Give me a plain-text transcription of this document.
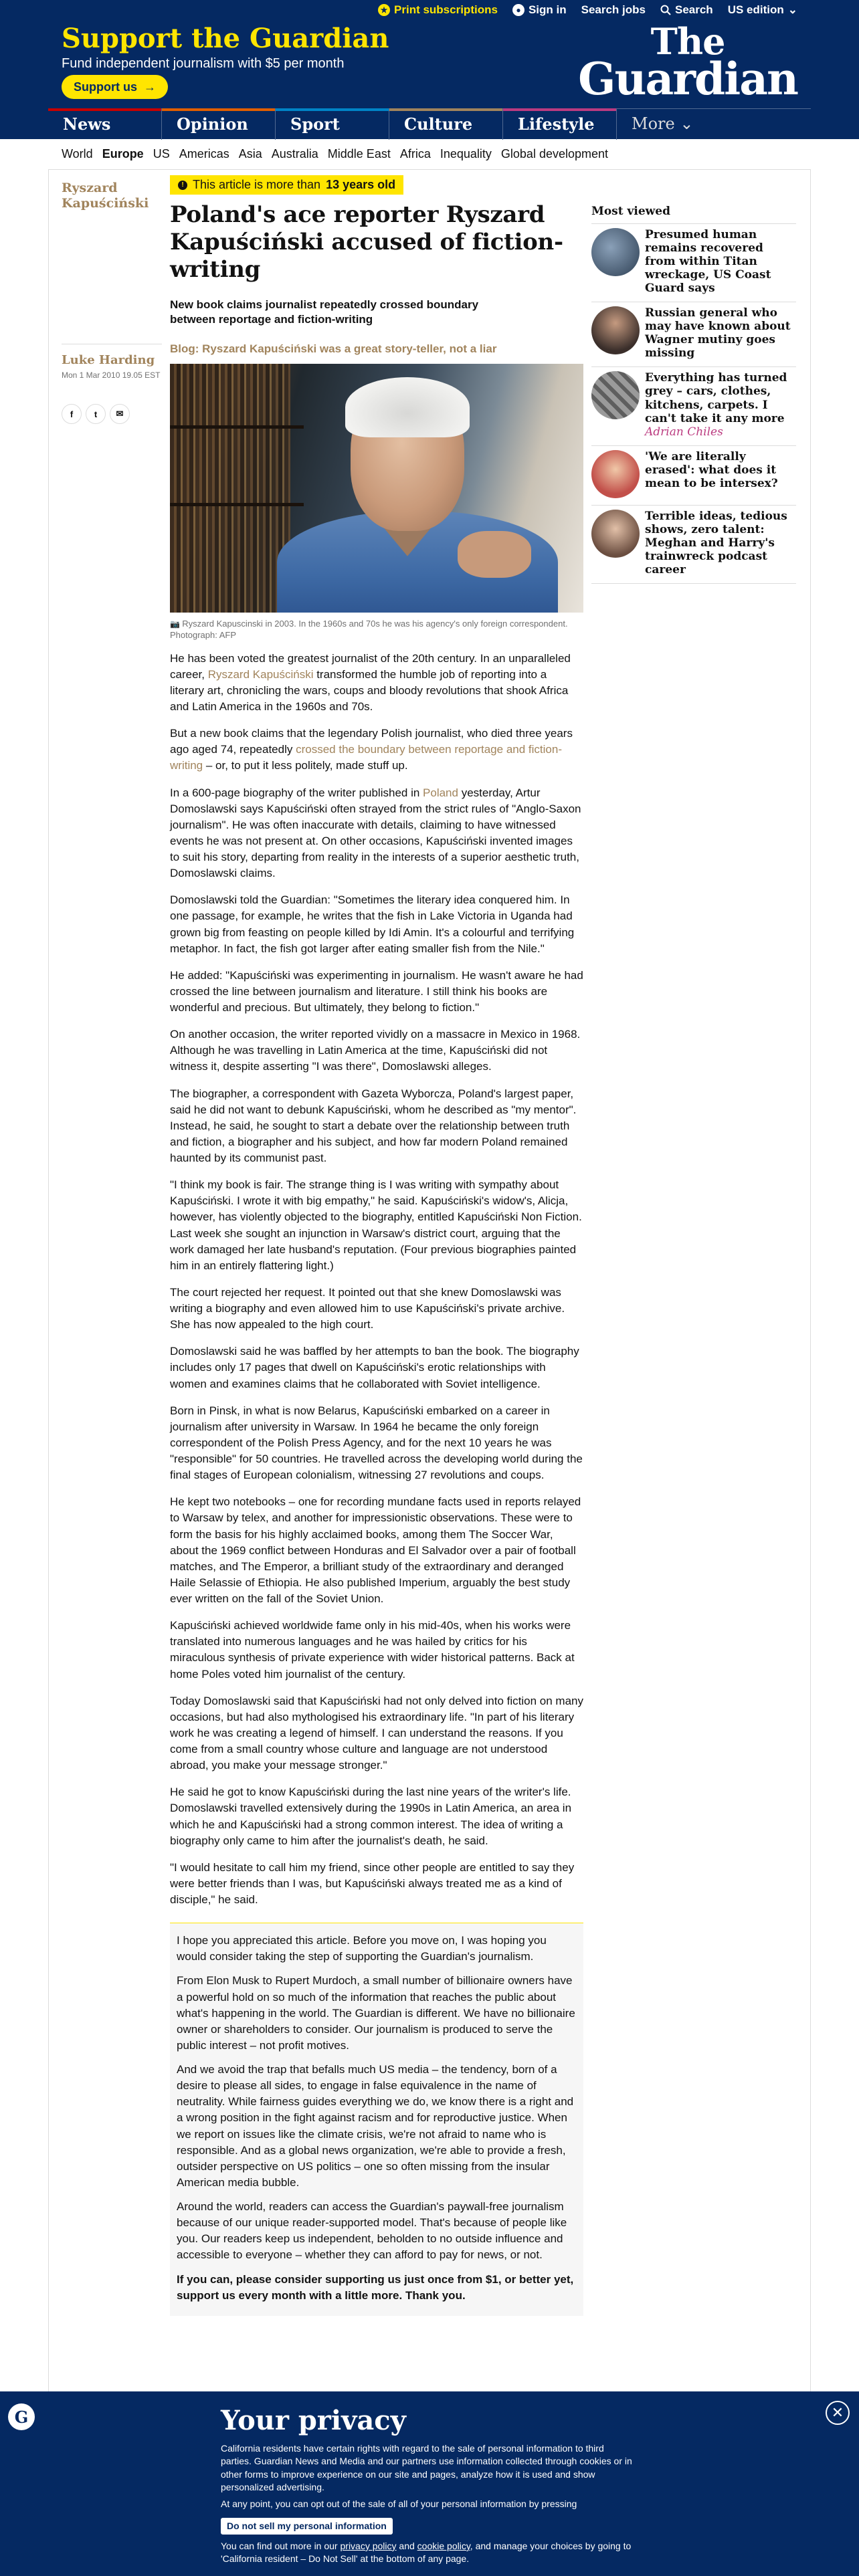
★ Print subscriptions	● Sign in Search jobs	Search US edition ⌄
Support the Guardian
Fund independent journalism with $5 per month
Support us →
The
Guardian
News	Opinion	Sport	Culture	Lifestyle	More ⌄
World Europe US Americas Asia Australia Middle East Africa Inequality Global development
Ryszard Kapuściński
Luke Harding
Mon 1 Mar 2010 19.05 EST
f t ✉
! This article is more than 13 years old
Poland's ace reporter Ryszard Kapuściński accused of fiction-writing
New book claims journalist repeatedly crossed boundary between reportage and fiction-writing
Blog: Ryszard Kapuściński was a great story-teller, not a liar
📷 Ryszard Kapuscinski in 2003. In the 1960s and 70s he was his agency's only foreign correspondent. Photograph: AFP

He has been voted the greatest journalist of the 20th century. In an unparalleled career, Ryszard Kapuściński transformed the humble job of reporting into a literary art, chronicling the wars, coups and bloody revolutions that shook Africa and Latin America in the 1960s and 70s.

But a new book claims that the legendary Polish journalist, who died three years ago aged 74, repeatedly crossed the boundary between reportage and fiction-writing – or, to put it less politely, made stuff up.

In a 600-page biography of the writer published in Poland yesterday, Artur Domoslawski says Kapuściński often strayed from the strict rules of "Anglo-Saxon journalism". He was often inaccurate with details, claiming to have witnessed events he was not present at. On other occasions, Kapuściński invented images to suit his story, departing from reality in the interests of a superior aesthetic truth, Domoslawski claims.

Domoslawski told the Guardian: "Sometimes the literary idea conquered him. In one passage, for example, he writes that the fish in Lake Victoria in Uganda had grown big from feasting on people killed by Idi Amin. It's a colourful and terrifying metaphor. In fact, the fish got larger after eating smaller fish from the Nile."

He added: "Kapuściński was experimenting in journalism. He wasn't aware he had crossed the line between journalism and literature. I still think his books are wonderful and precious. But ultimately, they belong to fiction."

On another occasion, the writer reported vividly on a massacre in Mexico in 1968. Although he was travelling in Latin America at the time, Kapuściński did not witness it, despite asserting "I was there", Domoslawski alleges.

The biographer, a correspondent with Gazeta Wyborcza, Poland's largest paper, said he did not want to debunk Kapuściński, whom he described as "my mentor". Instead, he said, he sought to start a debate over the relationship between truth and fiction, a biographer and his subject, and how far modern Poland remained haunted by its communist past.

"I think my book is fair. The strange thing is I was writing with sympathy about Kapuściński. I wrote it with big empathy," he said. Kapuściński's widow's, Alicja, however, has violently objected to the biography, entitled Kapuściński Non Fiction. Last week she sought an injunction in Warsaw's district court, arguing that the work damaged her late husband's reputation. (Four previous biographies painted him in an entirely flattering light.)

The court rejected her request. It pointed out that she knew Domoslawski was writing a biography and even allowed him to use Kapuściński's private archive. She has now appealed to the high court.

Domoslawski said he was baffled by her attempts to ban the book. The biography includes only 17 pages that dwell on Kapuściński's erotic relationships with women and examines claims that he collaborated with Soviet intelligence.

Born in Pinsk, in what is now Belarus, Kapuściński embarked on a career in journalism after university in Warsaw. In 1964 he became the only foreign correspondent of the Polish Press Agency, and for the next 10 years he was "responsible" for 50 countries. He travelled across the developing world during the final stages of European colonialism, witnessing 27 revolutions and coups.

He kept two notebooks – one for recording mundane facts used in reports relayed to Warsaw by telex, and another for impressionistic observations. These were to form the basis for his highly acclaimed books, among them The Soccer War, about the 1969 conflict between Honduras and El Salvador over a pair of football matches, and The Emperor, a brilliant study of the extraordinary and deranged Haile Selassie of Ethiopia. He also published Imperium, arguably the best study ever written on the fall of the Soviet Union.

Kapuściński achieved worldwide fame only in his mid-40s, when his works were translated into numerous languages and he was hailed by critics for his miraculous synthesis of private experience with wider historical patterns. Back at home Poles voted him journalist of the century.

Today Domoslawski said that Kapuściński had not only delved into fiction on many occasions, but had also mythologised his extraordinary life. "In part of his literary work he was creating a legend of himself. I can understand the reasons. If you come from a small country whose culture and language are not understood abroad, you make your message stronger."

He said he got to know Kapuściński during the last nine years of the writer's life. Domoslawski travelled extensively during the 1990s in Latin America, an area in which he and Kapuściński had a strong common interest. The idea of writing a biography only came to him after the journalist's death, he said.

"I would hesitate to call him my friend, since other people are entitled to say they were better friends than I was, but Kapuściński always treated me as a kind of disciple," he said.

I hope you appreciated this article. Before you move on, I was hoping you would consider taking the step of supporting the Guardian's journalism.

From Elon Musk to Rupert Murdoch, a small number of billionaire owners have a powerful hold on so much of the information that reaches the public about what's happening in the world. The Guardian is different. We have no billionaire owner or shareholders to consider. Our journalism is produced to serve the public interest – not profit motives.

And we avoid the trap that befalls much US media – the tendency, born of a desire to please all sides, to engage in false equivalence in the name of neutrality. While fairness guides everything we do, we know there is a right and a wrong position in the fight against racism and for reproductive justice. When we report on issues like the climate crisis, we're not afraid to name who is responsible. And as a global news organization, we're able to provide a fresh, outsider perspective on US politics – one so often missing from the insular American media bubble.

Around the world, readers can access the Guardian's paywall-free journalism because of our unique reader-supported model. That's because of people like you. Our readers keep us independent, beholden to no outside influence and accessible to everyone – whether they can afford to pay for news, or not.

If you can, please consider supporting us just once from $1, or better yet, support us every month with a little more. Thank you.

Most viewed
Presumed human remains recovered from within Titan wreckage, US Coast Guard says
Russian general who may have known about Wagner mutiny goes missing
Everything has turned grey – cars, clothes, kitchens, carpets. I can't take it any more
Adrian Chiles
'We are literally erased': what does it mean to be intersex?
Terrible ideas, tedious shows, zero talent: Meghan and Harry's trainwreck podcast career
G	✕
Your privacy

California residents have certain rights with regard to the sale of personal information to third parties. Guardian News and Media and our partners use information collected through cookies or in other forms to improve experience on our site and pages, analyze how it is used and show personalized advertising.

At any point, you can opt out of the sale of all of your personal information by pressing

Do not sell my personal information

You can find out more in our privacy policy and cookie policy, and manage your choices by going to 'California resident – Do Not Sell' at the bottom of any page.
